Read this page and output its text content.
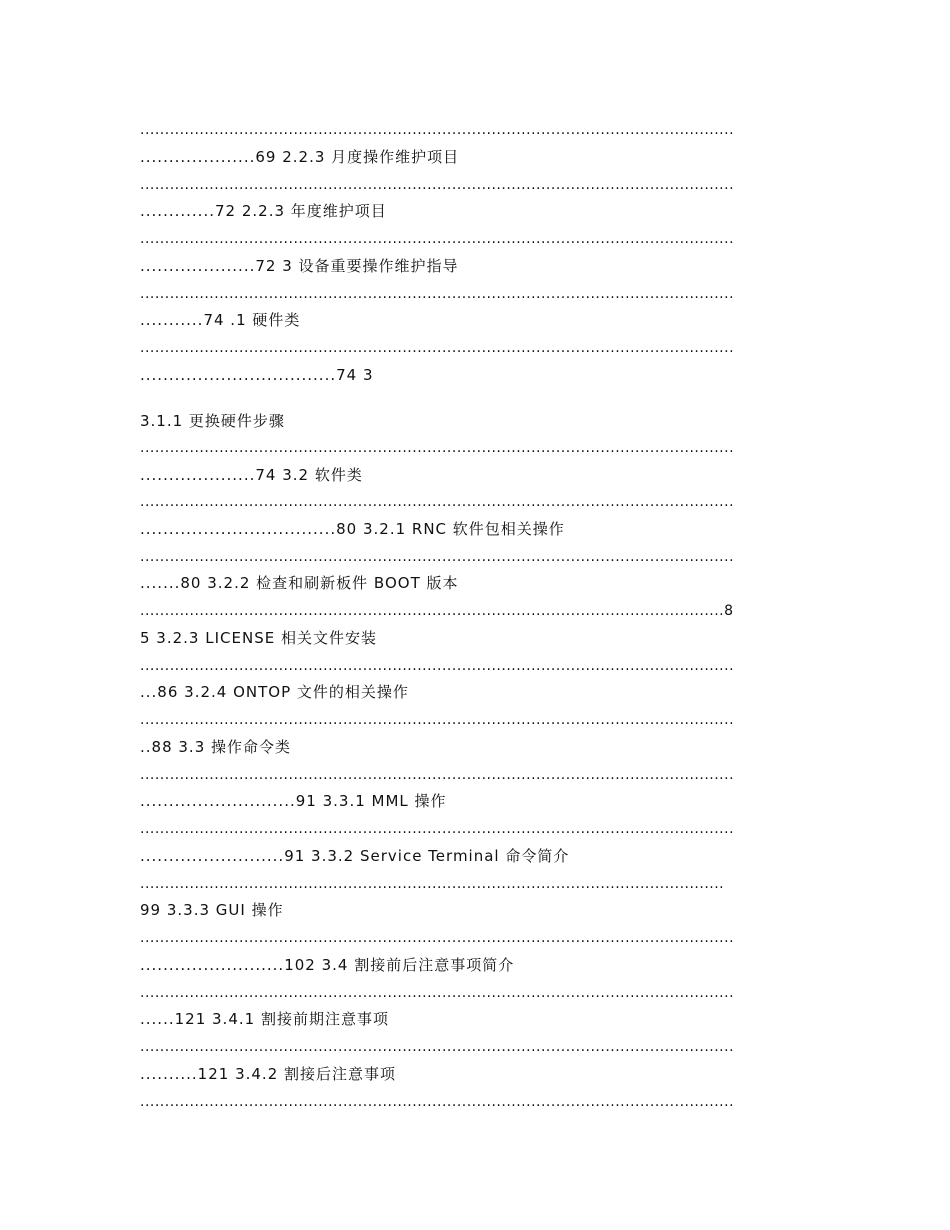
........................................................................................................................
....................69 2.2.3 月度操作维护项目
........................................................................................................................
.............72 2.2.3 年度维护项目
........................................................................................................................
....................72 3 设备重要操作维护指导
........................................................................................................................
...........74 .1 硬件类
........................................................................................................................
..................................74 3
3.1.1 更换硬件步骤
........................................................................................................................
....................74 3.2 软件类
........................................................................................................................
..................................80 3.2.1 RNC 软件包相关操作
........................................................................................................................
.......80 3.2.2 检查和刷新板件 BOOT 版本
......................................................................................................................8
5 3.2.3 LICENSE 相关文件安装
........................................................................................................................
...86 3.2.4 ONTOP 文件的相关操作
........................................................................................................................
..88 3.3 操作命令类
........................................................................................................................
...........................91 3.3.1 MML 操作
........................................................................................................................
.........................91 3.3.2 Service Terminal 命令简介
......................................................................................................................
99 3.3.3 GUI 操作
........................................................................................................................
.........................102 3.4 割接前后注意事项简介
........................................................................................................................
......121 3.4.1 割接前期注意事项
........................................................................................................................
..........121 3.4.2 割接后注意事项
........................................................................................................................
